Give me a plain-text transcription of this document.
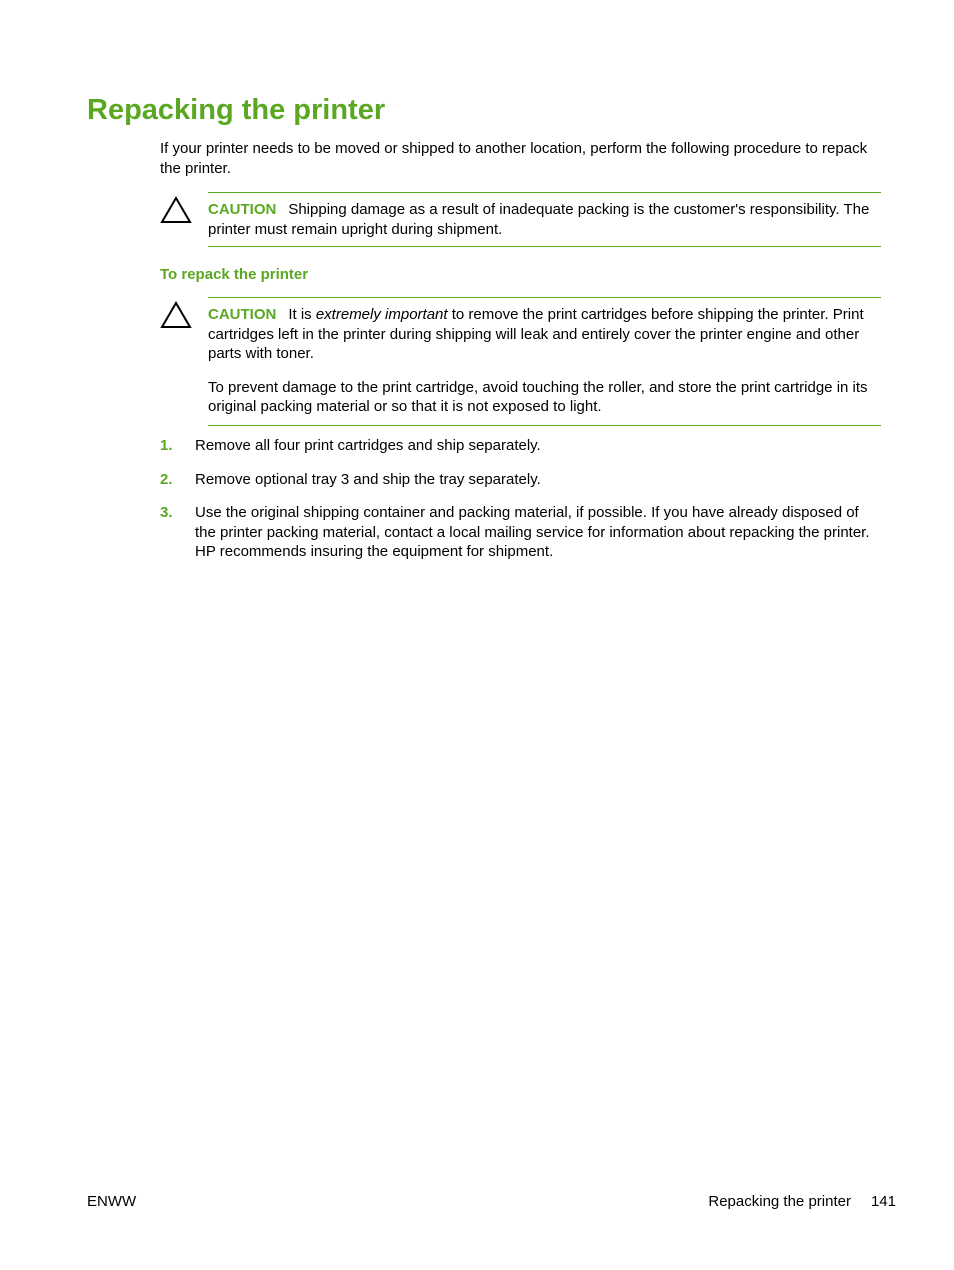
Repacking the printer

If your printer needs to be moved or shipped to another location, perform the following procedure to repack the printer.

CAUTION Shipping damage as a result of inadequate packing is the customer's responsibility. The printer must remain upright during shipment.

To repack the printer

CAUTION It is extremely important to remove the print cartridges before shipping the printer. Print cartridges left in the printer during shipping will leak and entirely cover the printer engine and other parts with toner.

To prevent damage to the print cartridge, avoid touching the roller, and store the print cartridge in its original packing material or so that it is not exposed to light.

1. Remove all four print cartridges and ship separately.
2. Remove optional tray 3 and ship the tray separately.
3. Use the original shipping container and packing material, if possible. If you have already disposed of the printer packing material, contact a local mailing service for information about repacking the printer. HP recommends insuring the equipment for shipment.
ENWW	Repacking the printer 141
